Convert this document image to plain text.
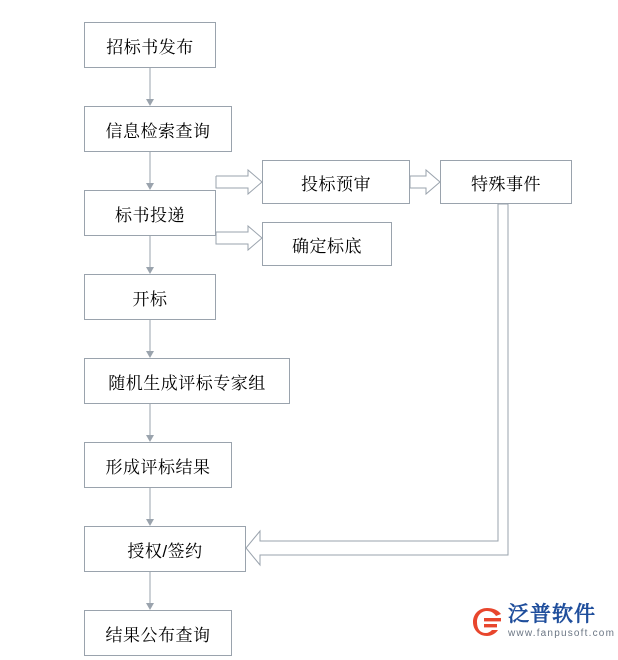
招标书发布
信息检索查询
标书投递
投标预审	特殊事件
确定标底
开标
随机生成评标专家组
形成评标结果
授权/签约
结果公布查询
泛普软件
www.fanpusoft.com
